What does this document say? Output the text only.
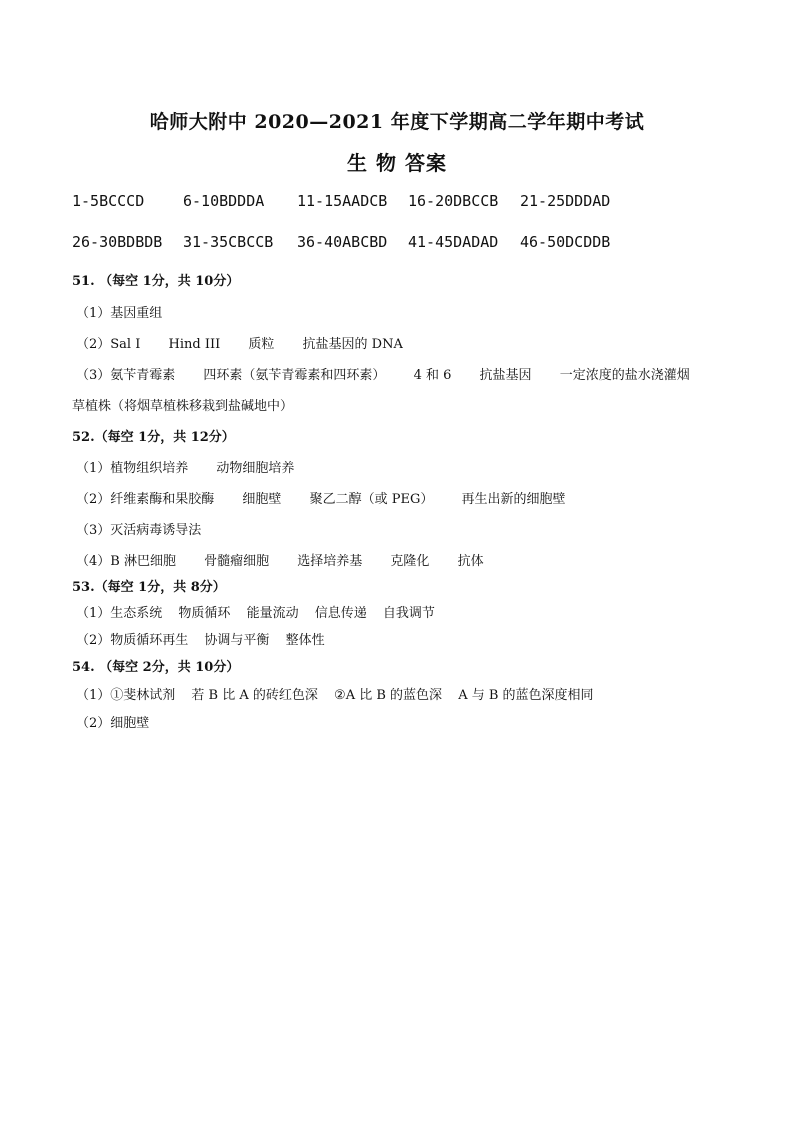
哈师大附中 2020—2021 年度下学期高二学年期中考试
生 物 答案
1-5BCCCD	6-10BDDDA 11-15AADCB 16-20DBCCB 21-25DDDAD
26-30BDBDB 31-35CBCCB 36-40ABCBD 41-45DADAD 46-50DCDDB
51. （每空 1分，共 10分）
（1）基因重组
（2）Sal I Hind III 质粒 抗盐基因的 DNA
（3）氨苄青霉素 四环素（氨苄青霉素和四环素） 4 和 6 抗盐基因 一定浓度的盐水浇灌烟
草植株（将烟草植株移栽到盐碱地中）
52.（每空 1分，共 12分）
（1）植物组织培养 动物细胞培养
（2）纤维素酶和果胶酶 细胞壁 聚乙二醇（或 PEG） 再生出新的细胞壁
（3）灭活病毒诱导法
（4）B 淋巴细胞 骨髓瘤细胞 选择培养基 克隆化 抗体
53.（每空 1分，共 8分）
（1）生态系统 物质循环 能量流动 信息传递 自我调节
（2）物质循环再生 协调与平衡 整体性
54. （每空 2分，共 10分）
（1）①斐林试剂 若 B 比 A 的砖红色深 ②A 比 B 的蓝色深 A 与 B 的蓝色深度相同
（2）细胞壁
